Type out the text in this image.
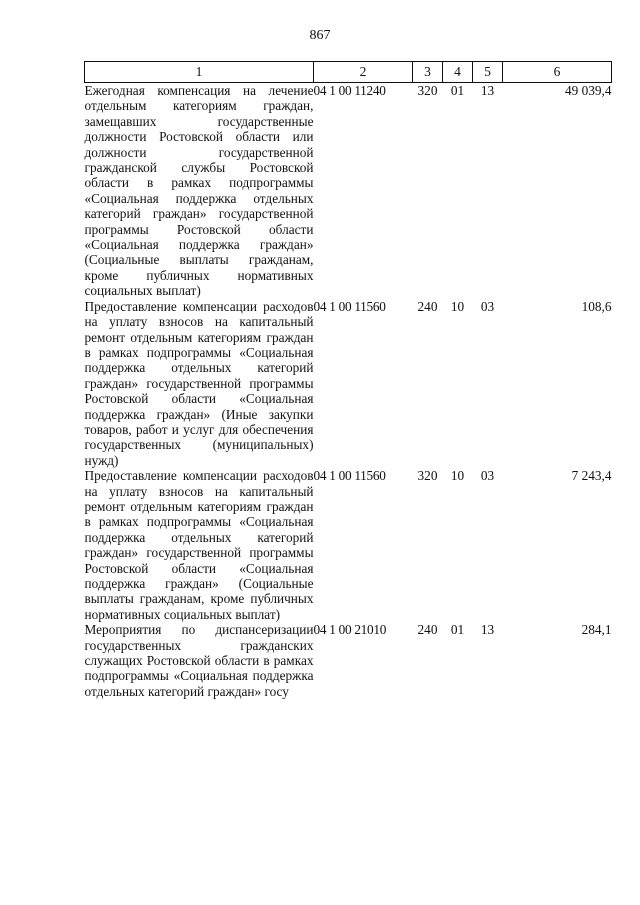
867
1	2	3	4	5	6
Ежегодная компенсация на лечение отдельным категориям граждан, замещавших государственные должности Ростовской области или должности государственной гражданской службы Ростовской области в рамках подпрограммы «Социальная поддержка отдельных категорий граждан» государственной программы Ростовской области «Социальная поддержка граждан» (Социальные выплаты гражданам, кроме публичных нормативных социальных выплат)	04 1 00 11240	320	01	13	49 039,4
Предоставление компенсации расходов на уплату взносов на капитальный ремонт отдельным категориям граждан в рамках подпрограммы «Социальная поддержка отдельных категорий граждан» государственной программы Ростовской области «Социальная поддержка граждан» (Иные закупки товаров, работ и услуг для обеспечения государственных (муниципальных) нужд)	04 1 00 11560	240	10	03	108,6
Предоставление компенсации расходов на уплату взносов на капитальный ремонт отдельным категориям граждан в рамках подпрограммы «Социальная поддержка отдельных категорий граждан» государственной программы Ростовской области «Социальная поддержка граждан» (Социальные выплаты гражданам, кроме публичных нормативных социальных выплат)	04 1 00 11560	320	10	03	7 243,4
Мероприятия по диспансеризации государственных гражданских служащих Ростовской области в рамках подпрограммы «Социальная поддержка отдельных категорий граждан» госу	04 1 00 21010	240	01	13	284,1
